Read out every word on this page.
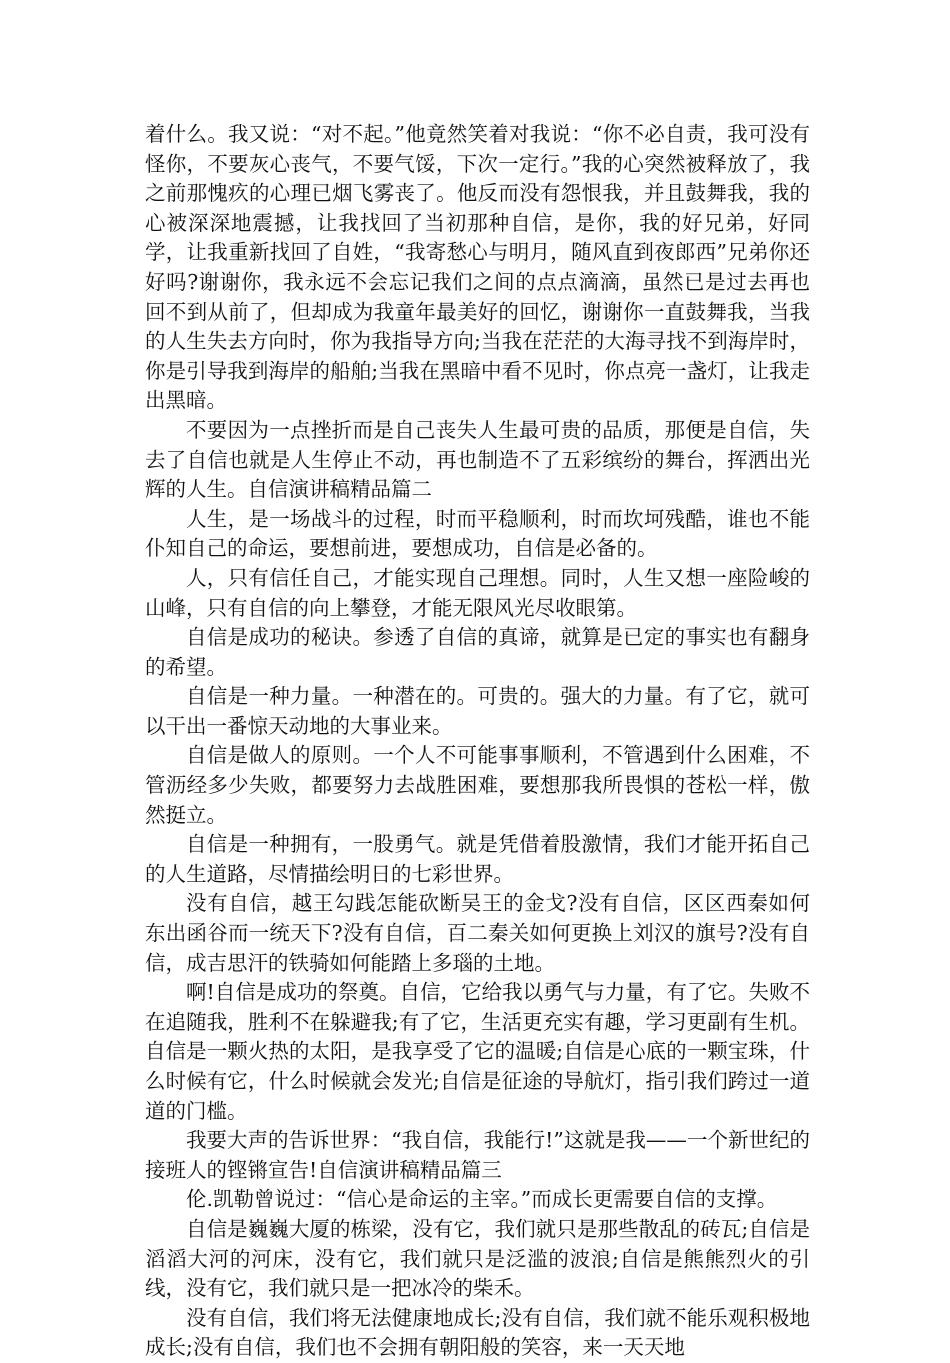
着什么。我又说：“对不起。”他竟然笑着对我说：“你不必自责，我可没有怪你，不要灰心丧气，不要气馁，下次一定行。”我的心突然被释放了，我之前那愧疚的心理已烟飞雾丧了。他反而没有怨恨我，并且鼓舞我，我的心被深深地震撼，让我找回了当初那种自信，是你，我的好兄弟，好同学，让我重新找回了自姓，“我寄愁心与明月，随风直到夜郎西”兄弟你还好吗?谢谢你，我永远不会忘记我们之间的点点滴滴，虽然已是过去再也回不到从前了，但却成为我童年最美好的回忆，谢谢你一直鼓舞我，当我的人生失去方向时，你为我指导方向;当我在茫茫的大海寻找不到海岸时，你是引导我到海岸的船舶;当我在黑暗中看不见时，你点亮一盏灯，让我走出黑暗。

不要因为一点挫折而是自己丧失人生最可贵的品质，那便是自信，失去了自信也就是人生停止不动，再也制造不了五彩缤纷的舞台，挥洒出光辉的人生。自信演讲稿精品篇二

人生，是一场战斗的过程，时而平稳顺利，时而坎坷残酷，谁也不能仆知自己的命运，要想前进，要想成功，自信是必备的。

人，只有信任自己，才能实现自己理想。同时，人生又想一座险峻的山峰，只有自信的向上攀登，才能无限风光尽收眼第。

自信是成功的秘诀。参透了自信的真谛，就算是已定的事实也有翻身的希望。

自信是一种力量。一种潜在的。可贵的。强大的力量。有了它，就可以干出一番惊天动地的大事业来。

自信是做人的原则。一个人不可能事事顺利，不管遇到什么困难，不管沥经多少失败，都要努力去战胜困难，要想那我所畏惧的苍松一样，傲然挺立。

自信是一种拥有，一股勇气。就是凭借着股激情，我们才能开拓自己的人生道路，尽情描绘明日的七彩世界。

没有自信，越王勾践怎能砍断吴王的金戈?没有自信，区区西秦如何东出函谷而一统天下?没有自信，百二秦关如何更换上刘汉的旗号?没有自信，成吉思汗的铁骑如何能踏上多瑙的土地。

啊!自信是成功的祭奠。自信，它给我以勇气与力量，有了它。失败不在追随我，胜利不在躲避我;有了它，生活更充实有趣，学习更副有生机。自信是一颗火热的太阳，是我享受了它的温暖;自信是心底的一颗宝珠，什么时候有它，什么时候就会发光;自信是征途的导航灯，指引我们跨过一道道的门槛。

我要大声的告诉世界：“我自信，我能行!”这就是我——一个新世纪的接班人的铿锵宣告!自信演讲稿精品篇三

伦.凯勒曾说过：“信心是命运的主宰。”而成长更需要自信的支撑。

自信是巍巍大厦的栋梁，没有它，我们就只是那些散乱的砖瓦;自信是滔滔大河的河床，没有它，我们就只是泛滥的波浪;自信是熊熊烈火的引线，没有它，我们就只是一把冰冷的柴禾。

没有自信，我们将无法健康地成长;没有自信，我们就不能乐观积极地成长;没有自信，我们也不会拥有朝阳般的笑容，来一天天地
